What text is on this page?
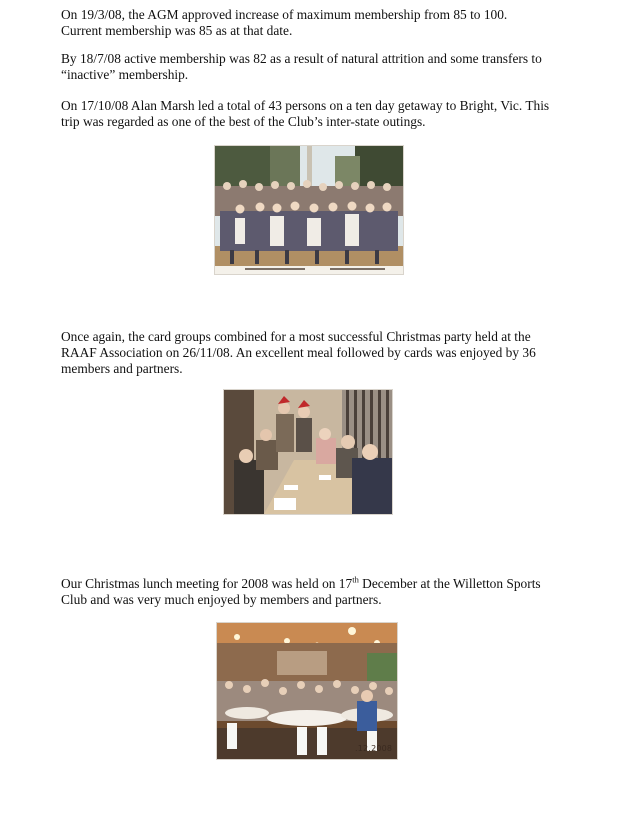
On 19/3/08, the AGM approved increase of maximum membership from 85 to 100.
Current membership was 85 as at that date.
By 18/7/08 active membership was 82 as a result of natural attrition and some transfers to
“inactive” membership.
On 17/10/08 Alan Marsh led a total of 43 persons on a ten day getaway to Bright, Vic. This
trip was regarded as one of the best of the Club’s inter-state outings.
Once again, the card groups combined for a most successful Christmas party held at the
RAAF Association on 26/11/08. An excellent meal followed by cards was enjoyed by 36
members and partners.
Our Christmas lunch meeting for 2008 was held on 17th December at the Willetton Sports
Club and was very much enjoyed by members and partners.
.12.2008
